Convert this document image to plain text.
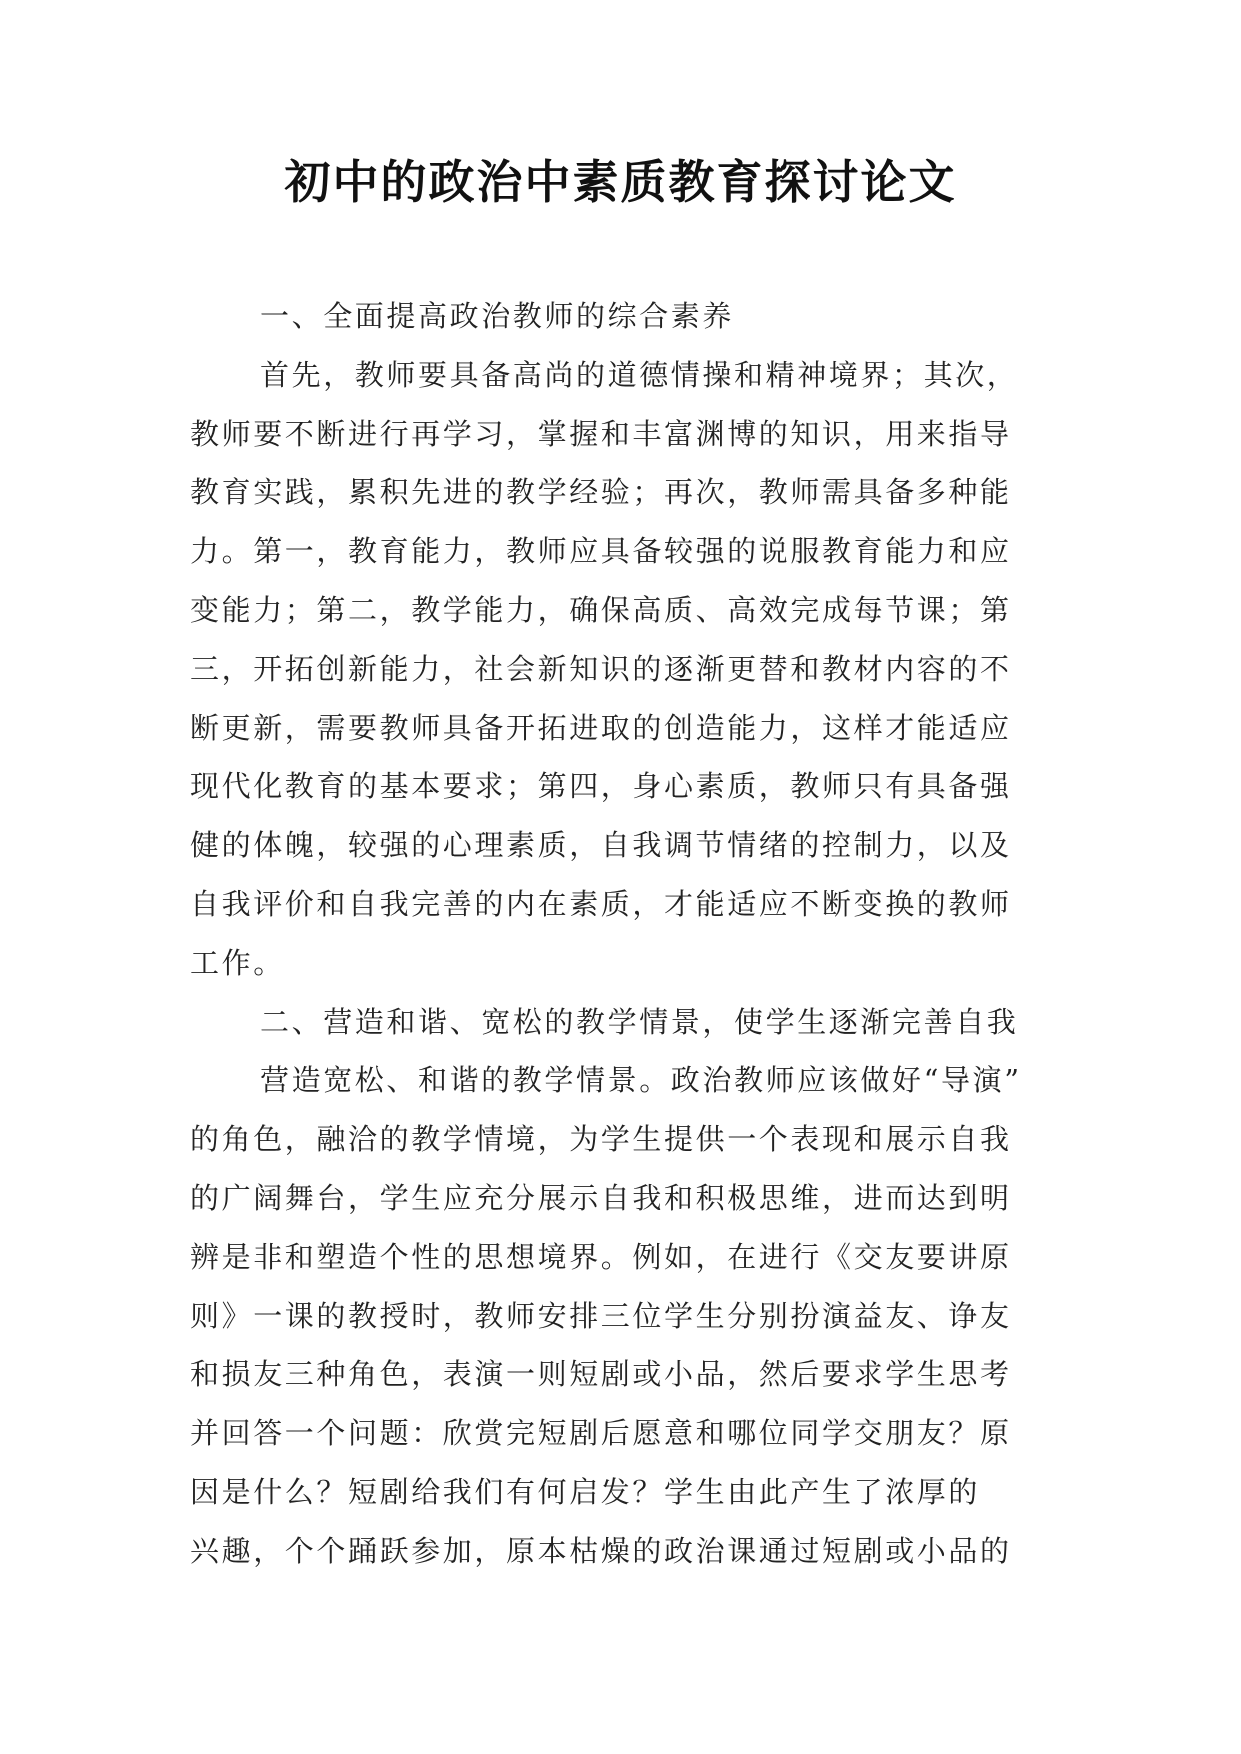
初中的政治中素质教育探讨论文
一、全面提高政治教师的综合素养
首先，教师要具备高尚的道德情操和精神境界；其次，
教师要不断进行再学习，掌握和丰富渊博的知识，用来指导
教育实践，累积先进的教学经验；再次，教师需具备多种能
力。第一，教育能力，教师应具备较强的说服教育能力和应
变能力；第二，教学能力，确保高质、高效完成每节课；第
三，开拓创新能力，社会新知识的逐渐更替和教材内容的不
断更新，需要教师具备开拓进取的创造能力，这样才能适应
现代化教育的基本要求；第四，身心素质，教师只有具备强
健的体魄，较强的心理素质，自我调节情绪的控制力，以及
自我评价和自我完善的内在素质，才能适应不断变换的教师
工作。
二、营造和谐、宽松的教学情景，使学生逐渐完善自我
营造宽松、和谐的教学情景。政治教师应该做好“导演”
的角色，融洽的教学情境，为学生提供一个表现和展示自我
的广阔舞台，学生应充分展示自我和积极思维，进而达到明
辨是非和塑造个性的思想境界。例如，在进行《交友要讲原
则》一课的教授时，教师安排三位学生分别扮演益友、诤友
和损友三种角色，表演一则短剧或小品，然后要求学生思考
并回答一个问题：欣赏完短剧后愿意和哪位同学交朋友？原
因是什么？短剧给我们有何启发？学生由此产生了浓厚的
兴趣，个个踊跃参加，原本枯燥的政治课通过短剧或小品的
